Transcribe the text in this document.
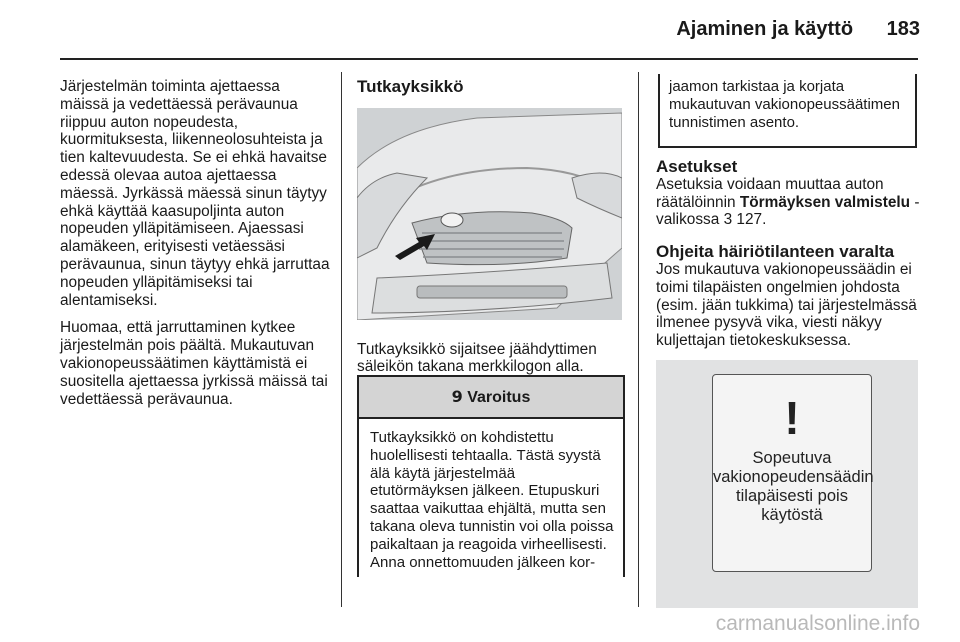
Ajaminen ja käyttö 183

Järjestelmän toiminta ajettaessa mäissä ja vedettäessä perävaunua riippuu auton nopeudesta, kuormituksesta, liikenneolosuhteista ja tien kaltevuudesta. Se ei ehkä havaitse edessä olevaa autoa ajettaessa mäessä. Jyrkässä mäessä sinun täytyy ehkä käyttää kaasupoljinta auton nopeuden ylläpitämiseen. Ajaessasi alamäkeen, erityisesti vetäessäsi perävaunua, sinun täytyy ehkä jarruttaa nopeuden ylläpitämiseksi tai alentamiseksi.

Huomaa, että jarruttaminen kytkee järjestelmän pois päältä. Mukautuvan vakionopeussäätimen käyttämistä ei suositella ajettaessa jyrkissä mäissä tai vedettäessä perävaunua.

Tutkayksikkö

Tutkayksikkö sijaitsee jäähdyttimen säleikön takana merkkilogon alla.

9 Varoitus
Tutkayksikkö on kohdistettu huolellisesti tehtaalla. Tästä syystä älä käytä järjestelmää etutörmäyksen jälkeen. Etupuskuri saattaa vaikuttaa ehjältä, mutta sen takana oleva tunnistin voi olla poissa paikaltaan ja reagoida virheellisesti. Anna onnettomuuden jälkeen kor-
jaamon tarkistaa ja korjata mukautuvan vakionopeussäätimen tunnistimen asento.
Asetukset

Asetuksia voidaan muuttaa auton räätälöinnin Törmäyksen valmistelu -valikossa 3 127.

Ohjeita häiriötilanteen varalta

Jos mukautuva vakionopeussäädin ei toimi tilapäisten ongelmien johdosta (esim. jään tukkima) tai järjestelmässä ilmenee pysyvä vika, viesti näkyy kuljettajan tietokeskuksessa.

!
Sopeutuva vakionopeudensäädin tilapäisesti pois käytöstä
carmanualsonline.info
